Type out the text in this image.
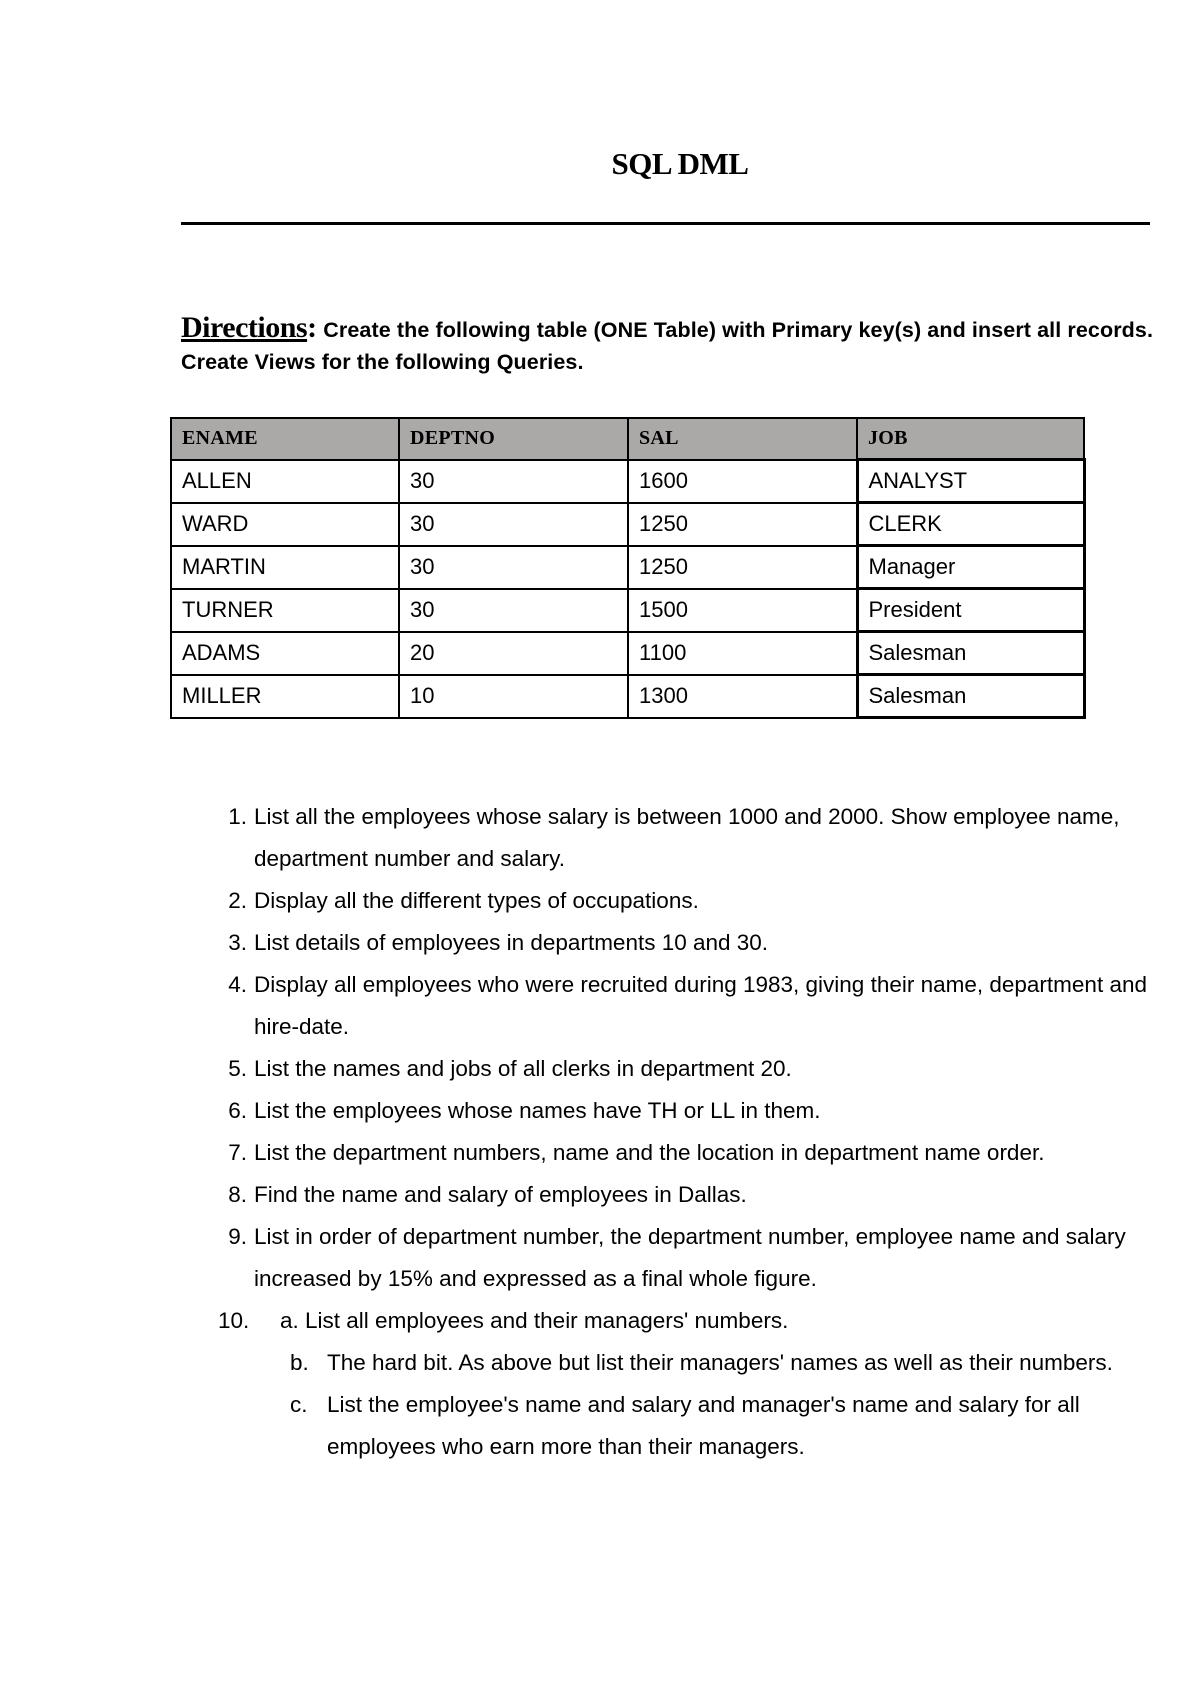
SQL DML
Directions: Create the following table (ONE Table) with Primary key(s) and insert all records. Create Views for the following Queries.
ENAME	DEPTNO	SAL	JOB
ALLEN	30	1600	ANALYST
WARD	30	1250	CLERK
MARTIN	30	1250	Manager
TURNER	30	1500	President
ADAMS	20	1100	Salesman
MILLER	10	1300	Salesman
1. List all the employees whose salary is between 1000 and 2000. Show employee name, department number and salary.
2. Display all the different types of occupations.
3. List details of employees in departments 10 and 30.
4. Display all employees who were recruited during 1983, giving their name, department and hire-date.
5. List the names and jobs of all clerks in department 20.
6. List the employees whose names have TH or LL in them.
7. List the department numbers, name and the location in department name order.
8. Find the name and salary of employees in Dallas.
9. List in order of department number, the department number, employee name and salary increased by 15% and expressed as a final whole figure.
10.	a. List all employees and their managers' numbers.
b. The hard bit. As above but list their managers' names as well as their numbers.
c. List the employee's name and salary and manager's name and salary for all employees who earn more than their managers.
